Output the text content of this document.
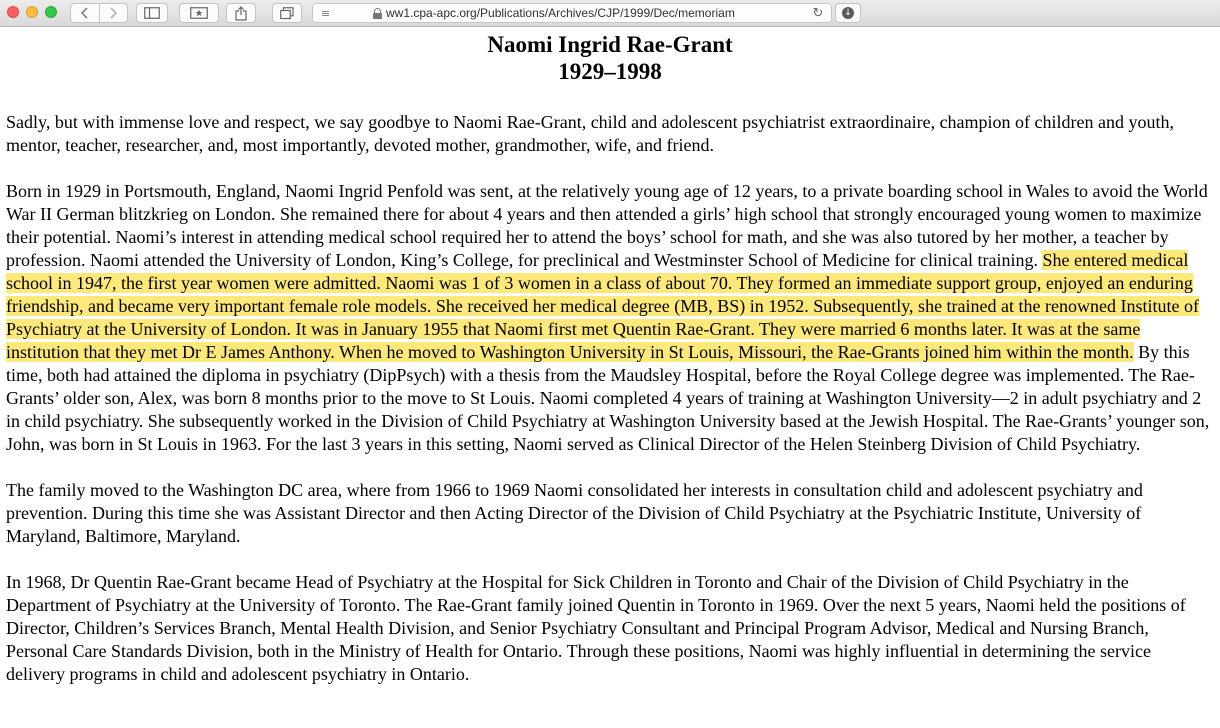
≡	ww1.cpa-apc.org/Publications/Archives/CJP/1999/Dec/memoriam	↻	↓
Naomi Ingrid Rae-Grant
1929–1998

Sadly, but with immense love and respect, we say goodbye to Naomi Rae-Grant, child and adolescent psychiatrist extraordinaire, champion of children and youth, mentor, teacher, researcher, and, most importantly, devoted mother, grandmother, wife, and friend.

Born in 1929 in Portsmouth, England, Naomi Ingrid Penfold was sent, at the relatively young age of 12 years, to a private boarding school in Wales to avoid the World War II German blitzkrieg on London. She remained there for about 4 years and then attended a girls’ high school that strongly encouraged young women to maximize their potential. Naomi’s interest in attending medical school required her to attend the boys’ school for math, and she was also tutored by her mother, a teacher by profession. Naomi attended the University of London, King’s College, for preclinical and Westminster School of Medicine for clinical training. She entered medical school in 1947, the first year women were admitted. Naomi was 1 of 3 women in a class of about 70. They formed an immediate support group, enjoyed an enduring friendship, and became very important female role models. She received her medical degree (MB, BS) in 1952. Subsequently, she trained at the renowned Institute of Psychiatry at the University of London. It was in January 1955 that Naomi first met Quentin Rae-Grant. They were married 6 months later. It was at the same institution that they met Dr E James Anthony. When he moved to Washington University in St Louis, Missouri, the Rae-Grants joined him within the month. By this time, both had attained the diploma in psychiatry (DipPsych) with a thesis from the Maudsley Hospital, before the Royal College degree was implemented. The Rae-Grants’ older son, Alex, was born 8 months prior to the move to St Louis. Naomi completed 4 years of training at Washington University—2 in adult psychiatry and 2 in child psychiatry. She subsequently worked in the Division of Child Psychiatry at Washington University based at the Jewish Hospital. The Rae-Grants’ younger son, John, was born in St Louis in 1963. For the last 3 years in this setting, Naomi served as Clinical Director of the Helen Steinberg Division of Child Psychiatry.

The family moved to the Washington DC area, where from 1966 to 1969 Naomi consolidated her interests in consultation child and adolescent psychiatry and prevention. During this time she was Assistant Director and then Acting Director of the Division of Child Psychiatry at the Psychiatric Institute, University of Maryland, Baltimore, Maryland.

In 1968, Dr Quentin Rae-Grant became Head of Psychiatry at the Hospital for Sick Children in Toronto and Chair of the Division of Child Psychiatry in the Department of Psychiatry at the University of Toronto. The Rae-Grant family joined Quentin in Toronto in 1969. Over the next 5 years, Naomi held the positions of Director, Children’s Services Branch, Mental Health Division, and Senior Psychiatry Consultant and Principal Program Advisor, Medical and Nursing Branch, Personal Care Standards Division, both in the Ministry of Health for Ontario. Through these positions, Naomi was highly influential in determining the service delivery programs in child and adolescent psychiatry in Ontario.
